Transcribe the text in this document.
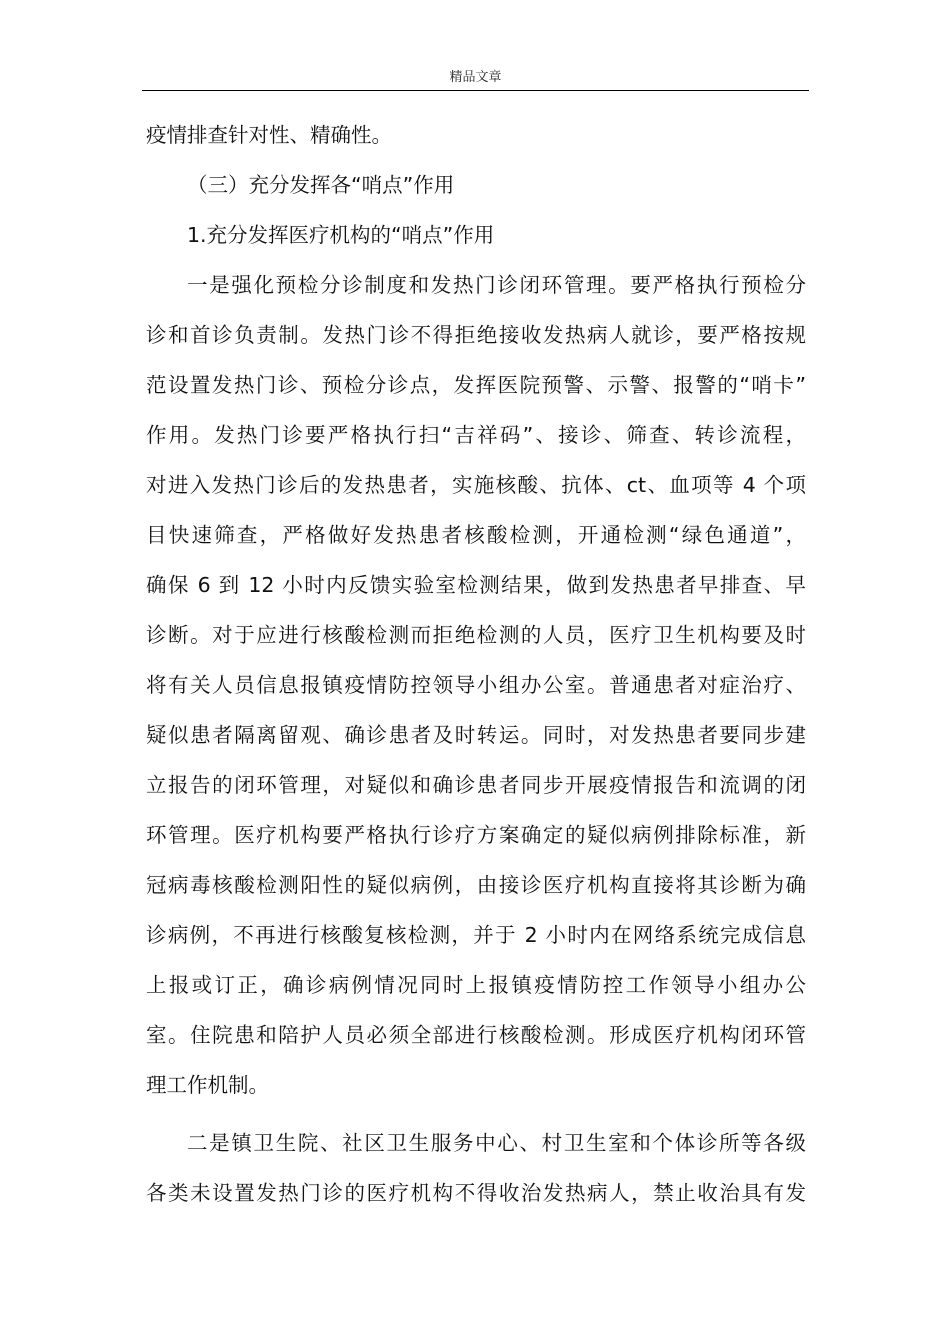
精品文章
疫情排查针对性、精确性。
（三）充分发挥各“哨点”作用
1.充分发挥医疗机构的“哨点”作用
一是强化预检分诊制度和发热门诊闭环管理。要严格执行预检分
诊和首诊负责制。发热门诊不得拒绝接收发热病人就诊，要严格按规
范设置发热门诊、预检分诊点，发挥医院预警、示警、报警的“哨卡”
作用。发热门诊要严格执行扫“吉祥码”、接诊、筛查、转诊流程，
对进入发热门诊后的发热患者，实施核酸、抗体、ct、血项等 4 个项
目快速筛查，严格做好发热患者核酸检测，开通检测“绿色通道”，
确保 6 到 12 小时内反馈实验室检测结果，做到发热患者早排查、早
诊断。对于应进行核酸检测而拒绝检测的人员，医疗卫生机构要及时
将有关人员信息报镇疫情防控领导小组办公室。普通患者对症治疗、
疑似患者隔离留观、确诊患者及时转运。同时，对发热患者要同步建
立报告的闭环管理，对疑似和确诊患者同步开展疫情报告和流调的闭
环管理。医疗机构要严格执行诊疗方案确定的疑似病例排除标准，新
冠病毒核酸检测阳性的疑似病例，由接诊医疗机构直接将其诊断为确
诊病例，不再进行核酸复核检测，并于 2 小时内在网络系统完成信息
上报或订正，确诊病例情况同时上报镇疫情防控工作领导小组办公
室。住院患和陪护人员必须全部进行核酸检测。形成医疗机构闭环管
理工作机制。
二是镇卫生院、社区卫生服务中心、村卫生室和个体诊所等各级
各类未设置发热门诊的医疗机构不得收治发热病人，禁止收治具有发
